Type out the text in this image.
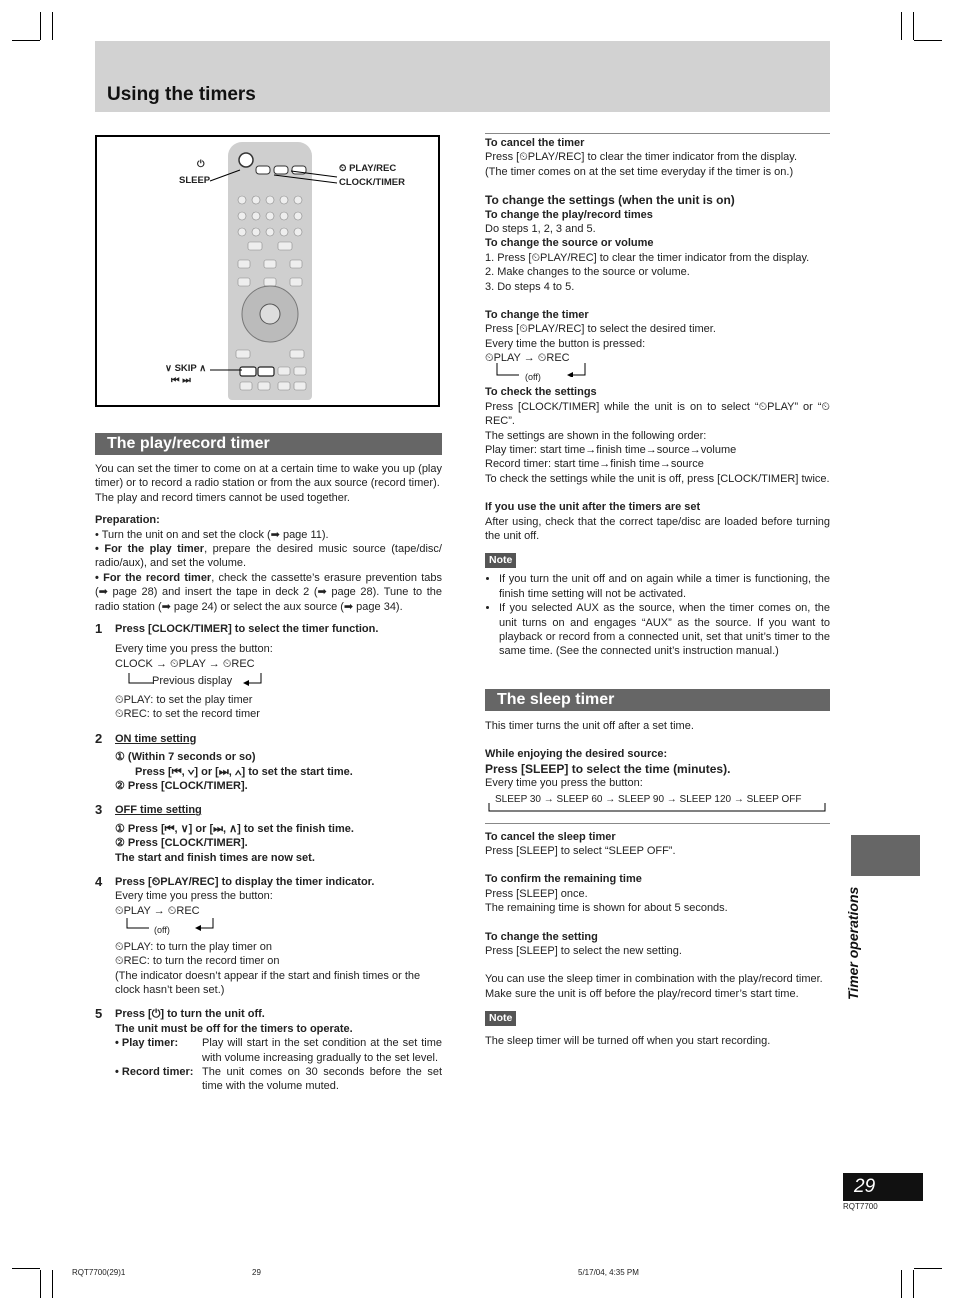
Using the timers
⏻
SLEEP
⏲ PLAY/REC
CLOCK/TIMER
∨ SKIP ∧
⏮ ⏭
The play/record timer

You can set the timer to come on at a certain time to wake you up (play timer) or to record a radio station or from the aux source (record timer).

The play and record timers cannot be used together.

Preparation:

• Turn the unit on and set the clock (➡ page 11).

• For the play timer, prepare the desired music source (tape/disc/ radio/aux), and set the volume.

• For the record timer, check the cassette’s erasure prevention tabs (➡ page 28) and insert the tape in deck 2 (➡ page 28). Tune to the radio station (➡ page 24) or select the aux source (➡ page 34).

1 Press [CLOCK/TIMER] to select the timer function.

Every time you press the button:

CLOCK → ⏲PLAY → ⏲REC
Previous display

⏲PLAY: to set the play timer

⏲REC: to set the record timer

2 ON time setting

① (Within 7 seconds or so)

Press [⏮, ∨] or [⏭, ∧] to set the start time.

② Press [CLOCK/TIMER].

3 OFF time setting

① Press [⏮, ∨] or [⏭, ∧] to set the finish time.

② Press [CLOCK/TIMER].

The start and finish times are now set.

4 Press [⏲PLAY/REC] to display the timer indicator.

Every time you press the button:

⏲PLAY → ⏲REC
(off)

⏲PLAY: to turn the play timer on

⏲REC: to turn the record timer on

(The indicator doesn’t appear if the start and finish times or the clock hasn’t been set.)

5 Press [⏻] to turn the unit off.

The unit must be off for the timers to operate.

• Play timer:	Play will start in the set condition at the set time with volume increasing gradually to the set level.
• Record timer: The unit comes on 30 seconds before the set time with the volume muted.

To cancel the timer

Press [⏲PLAY/REC] to clear the timer indicator from the display.

(The timer comes on at the set time everyday if the timer is on.)

To change the settings (when the unit is on)

To change the play/record times

Do steps 1, 2, 3 and 5.

To change the source or volume

1. Press [⏲PLAY/REC] to clear the timer indicator from the display.

2. Make changes to the source or volume.

3. Do steps 4 to 5.

To change the timer

Press [⏲PLAY/REC] to select the desired timer.

Every time the button is pressed:

⏲PLAY → ⏲REC
(off)

To check the settings

Press [CLOCK/TIMER] while the unit is on to select “⏲PLAY” or “⏲REC”.

The settings are shown in the following order:

Play timer: start time→finish time→source→volume

Record timer: start time→finish time→source

To check the settings while the unit is off, press [CLOCK/TIMER] twice.

If you use the unit after the timers are set

After using, check that the correct tape/disc are loaded before turning the unit off.

Note
• If you turn the unit off and on again while a timer is functioning, the finish time setting will not be activated.
• If you selected AUX as the source, when the timer comes on, the unit turns on and engages “AUX” as the source. If you want to playback or record from a connected unit, set that unit’s timer to the same time. (See the connected unit’s instruction manual.)
The sleep timer

This timer turns the unit off after a set time.

While enjoying the desired source:

Press [SLEEP] to select the time (minutes).

Every time you press the button:

SLEEP 30 → SLEEP 60 → SLEEP 90 → SLEEP 120 → SLEEP OFF

To cancel the sleep timer

Press [SLEEP] to select “SLEEP OFF”.

To confirm the remaining time

Press [SLEEP] once.

The remaining time is shown for about 5 seconds.

To change the setting

Press [SLEEP] to select the new setting.

You can use the sleep timer in combination with the play/record timer.

Make sure the unit is off before the play/record timer’s start time.

Note

The sleep timer will be turned off when you start recording.

Timer operations
29
RQT7700
RQT7700(29)1	29	5/17/04, 4:35 PM
